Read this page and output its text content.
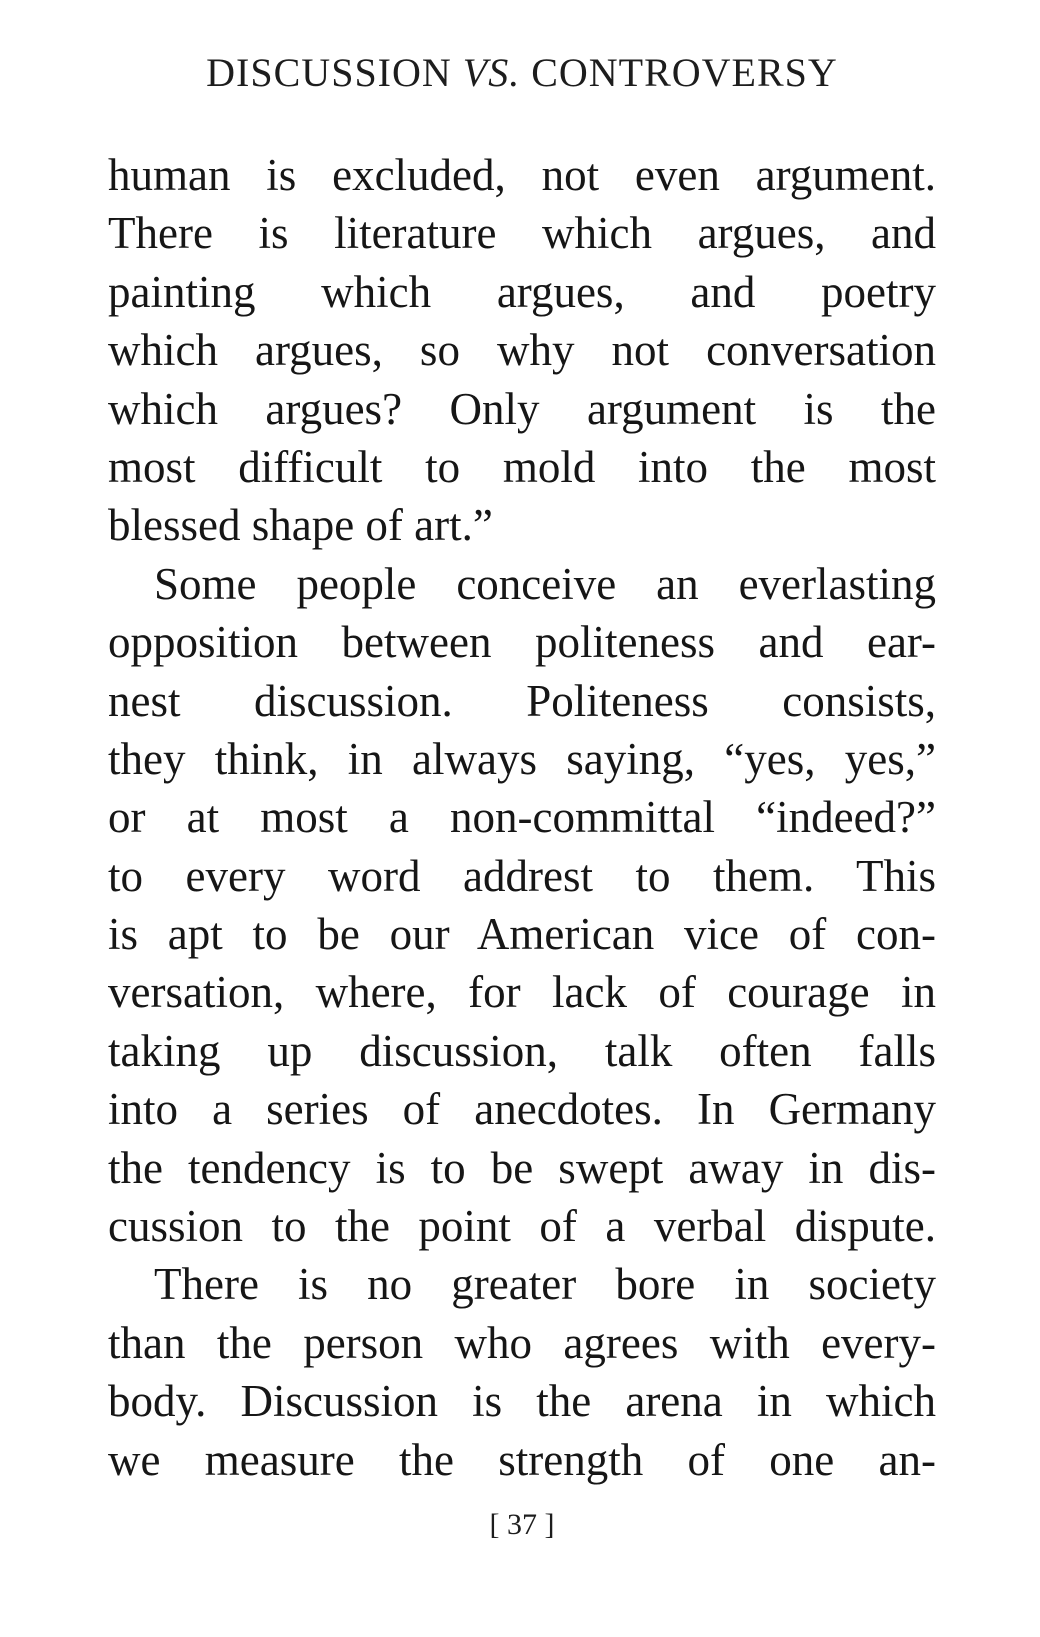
DISCUSSION VS. CONTROVERSY
human is excluded, not even argument.
There is literature which argues, and
painting which argues, and poetry
which argues, so why not conversation
which argues? Only argument is the
most difficult to mold into the most
blessed shape of art.”
Some people conceive an everlasting
opposition between politeness and ear-
nest discussion. Politeness consists,
they think, in always saying, “yes, yes,”
or at most a non-committal “indeed?”
to every word addrest to them. This
is apt to be our American vice of con-
versation, where, for lack of courage in
taking up discussion, talk often falls
into a series of anecdotes. In Germany
the tendency is to be swept away in dis-
cussion to the point of a verbal dispute.
There is no greater bore in society
than the person who agrees with every-
body. Discussion is the arena in which
we measure the strength of one an-
[ 37 ]
